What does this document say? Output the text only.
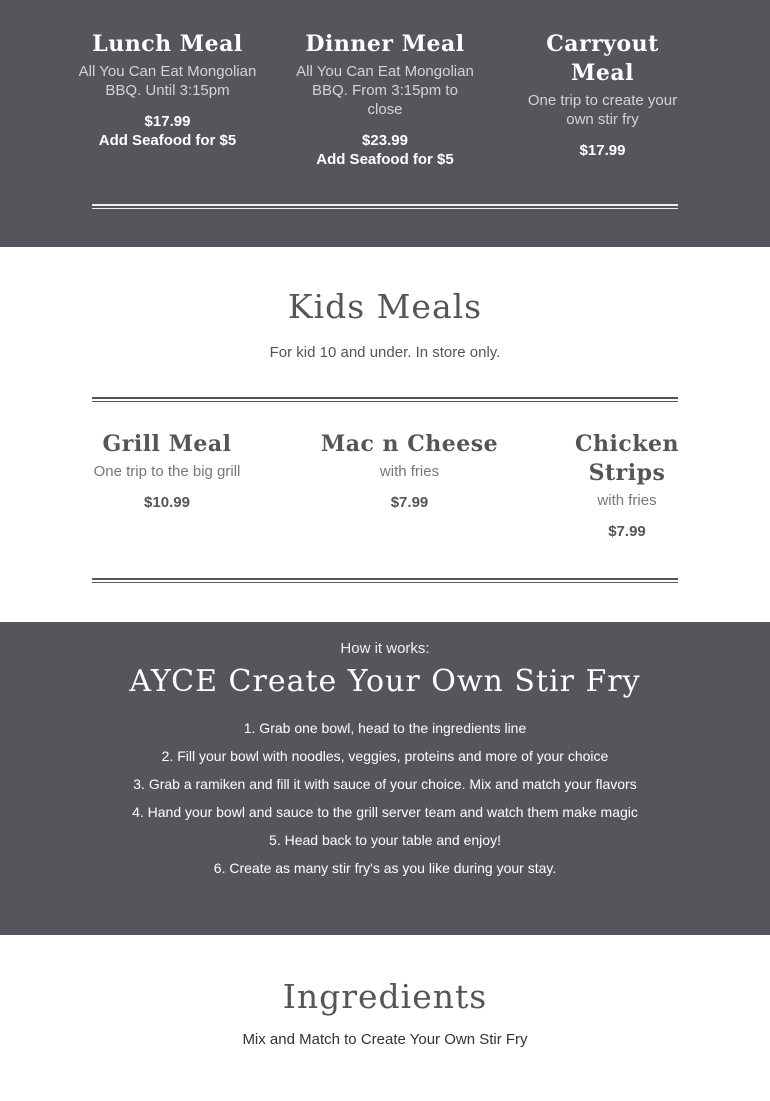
Lunch Meal

All You Can Eat Mongolian BBQ. Until 3:15pm

$17.99

Add Seafood for $5

Dinner Meal

All You Can Eat Mongolian BBQ. From 3:15pm to close

$23.99

Add Seafood for $5

Carryout Meal

One trip to create your own stir fry

$17.99

Kids Meals

For kid 10 and under. In store only.

Grill Meal

One trip to the big grill

$10.99

Mac n Cheese

with fries

$7.99

Chicken Strips

with fries

$7.99

How it works:

AYCE Create Your Own Stir Fry
1. Grab one bowl, head to the ingredients line
2. Fill your bowl with noodles, veggies, proteins and more of your choice
3. Grab a ramiken and fill it with sauce of your choice. Mix and match your flavors
4. Hand your bowl and sauce to the grill server team and watch them make magic
5. Head back to your table and enjoy!
6. Create as many stir fry's as you like during your stay.
Ingredients

Mix and Match to Create Your Own Stir Fry
